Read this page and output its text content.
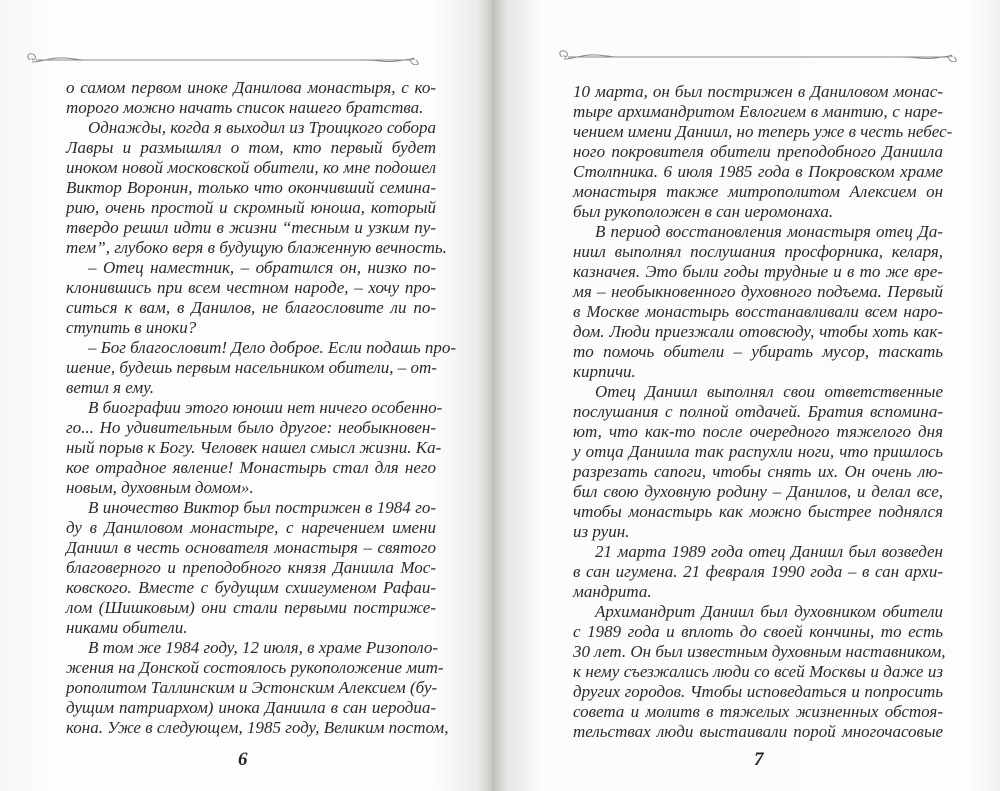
о самом первом иноке Данилова монастыря, с ко-
торого можно начать список нашего братства.
Однажды, когда я выходил из Троицкого собора
Лавры и размышлял о том, кто первый будет
иноком новой московской обители, ко мне подошел
Виктор Воронин, только что окончивший семина-
рию, очень простой и скромный юноша, который
твердо решил идти в жизни “тесным и узким пу-
тем”, глубоко веря в будущую блаженную вечность.
– Отец наместник, – обратился он, низко по-
клонившись при всем честном народе, – хочу про-
ситься к вам, в Данилов, не благословите ли по-
ступить в иноки?
– Бог благословит! Дело доброе. Если подашь про-
шение, будешь первым насельником обители, – от-
ветил я ему.
В биографии этого юноши нет ничего особенно-
го... Но удивительным было другое: необыкновен-
ный порыв к Богу. Человек нашел смысл жизни. Ка-
кое отрадное явление! Монастырь стал для него
новым, духовным домом».
В иночество Виктор был пострижен в 1984 го-
ду в Даниловом монастыре, с наречением имени
Даниил в честь основателя монастыря – святого
благоверного и преподобного князя Даниила Мос-
ковского. Вместе с будущим схиигуменом Рафаи-
лом (Шишковым) они стали первыми постриже-
никами обители.
В том же 1984 году, 12 июля, в храме Ризополо-
жения на Донской состоялось рукоположение мит-
рополитом Таллинским и Эстонским Алексием (бу-
дущим патриархом) инока Даниила в сан иеродиа-
кона. Уже в следующем, 1985 году, Великим постом,
6
10 марта, он был пострижен в Даниловом монас-
тыре архимандритом Евлогием в мантию, с наре-
чением имени Даниил, но теперь уже в честь небес-
ного покровителя обители преподобного Даниила
Столпника. 6 июля 1985 года в Покровском храме
монастыря также митрополитом Алексием он
был рукоположен в сан иеромонаха.
В период восстановления монастыря отец Да-
ниил выполнял послушания просфорника, келаря,
казначея. Это были годы трудные и в то же вре-
мя – необыкновенного духовного подъема. Первый
в Москве монастырь восстанавливали всем наро-
дом. Люди приезжали отовсюду, чтобы хоть как-
то помочь обители – убирать мусор, таскать
кирпичи.
Отец Даниил выполнял свои ответственные
послушания с полной отдачей. Братия вспомина-
ют, что как-то после очередного тяжелого дня
у отца Даниила так распухли ноги, что пришлось
разрезать сапоги, чтобы снять их. Он очень лю-
бил свою духовную родину – Данилов, и делал все,
чтобы монастырь как можно быстрее поднялся
из руин.
21 марта 1989 года отец Даниил был возведен
в сан игумена. 21 февраля 1990 года – в сан архи-
мандрита.
Архимандрит Даниил был духовником обители
с 1989 года и вплоть до своей кончины, то есть
30 лет. Он был известным духовным наставником,
к нему съезжались люди со всей Москвы и даже из
других городов. Чтобы исповедаться и попросить
совета и молитв в тяжелых жизненных обстоя-
тельствах люди выстаивали порой многочасовые
7
